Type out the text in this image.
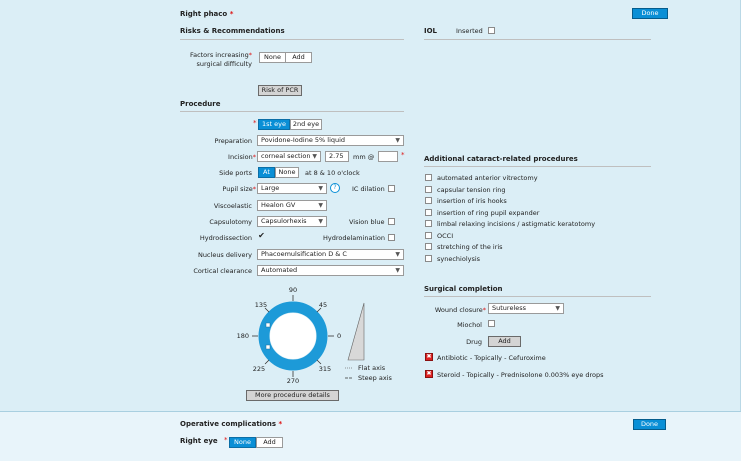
Right phaco *	Done
Risks & Recommendations
Factors increasing*
surgical difficulty
None	Add
Risk of PCR
IOL	Inserted
Procedure
* 1st eye	2nd eye
Preparation	Povidone-Iodine 5% liquid	▼
Incision* corneal section ▼	2.75	mm @	*
Side ports	At	None	at 8 & 10 o'clock
Pupil size* Large	▼	?	IC dilation
Viscoelastic	Healon GV	▼
Capsulotomy	Capsulorhexis ▼	Vision blue
Hydrodissection ✔	Hydrodelamination
Nucleus delivery	Phacoemulsification D & C	▼
Cortical clearance	Automated	▼
90
45
0
315
270
225
180
135
Flat axis
Steep axis
More procedure details
Additional cataract-related procedures
automated anterior vitrectomy
capsular tension ring
insertion of iris hooks
insertion of ring pupil expander
limbal relaxing incisions / astigmatic keratotomy
OCCI
stretching of the iris
synechiolysis
Surgical completion
Wound closure* Sutureless	▼
Miochol
Drug	Add
✖ Antibiotic - Topically - Cefuroxime
✖ Steroid - Topically - Prednisolone 0.003% eye drops
Operative complications *	Done
Right eye *	None	Add
